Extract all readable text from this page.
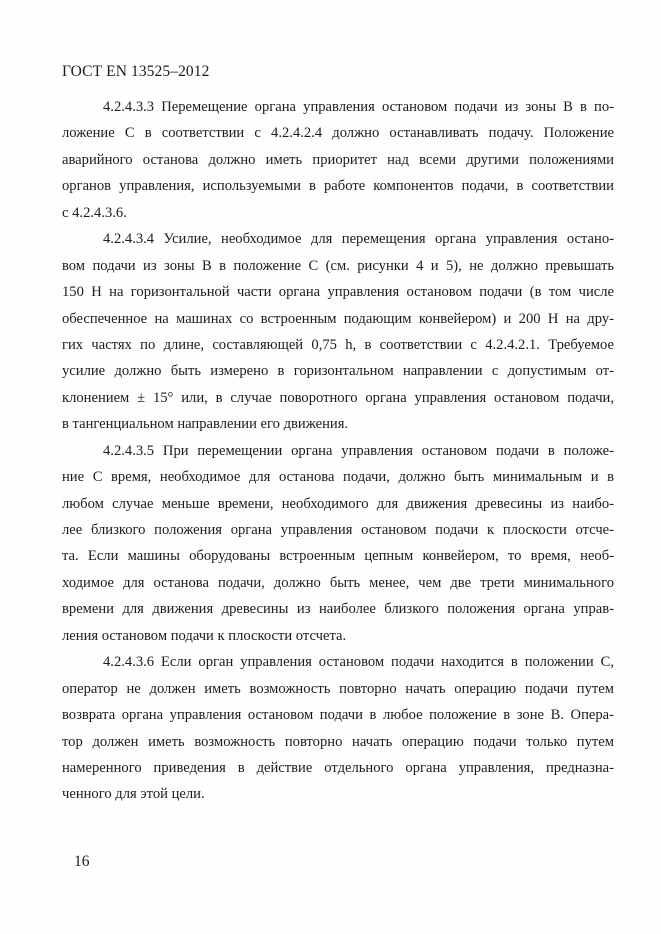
ГОСТ EN 13525–2012
4.2.4.3.3 Перемещение органа управления остановом подачи из зоны B в по-
ложение C в соответствии с 4.2.4.2.4 должно останавливать подачу. Положение
аварийного останова должно иметь приоритет над всеми другими положениями
органов управления, используемыми в работе компонентов подачи, в соответствии
с 4.2.4.3.6.
4.2.4.3.4 Усилие, необходимое для перемещения органа управления остано-
вом подачи из зоны B в положение C (см. рисунки 4 и 5), не должно превышать
150 Н на горизонтальной части органа управления остановом подачи (в том числе
обеспеченное на машинах со встроенным подающим конвейером) и 200 Н на дру-
гих частях по длине, составляющей 0,75 h, в соответствии с 4.2.4.2.1. Требуемое
усилие должно быть измерено в горизонтальном направлении с допустимым от-
клонением ± 15° или, в случае поворотного органа управления остановом подачи,
в тангенциальном направлении его движения.
4.2.4.3.5 При перемещении органа управления остановом подачи в положе-
ние C время, необходимое для останова подачи, должно быть минимальным и в
любом случае меньше времени, необходимого для движения древесины из наибо-
лее близкого положения органа управления остановом подачи к плоскости отсче-
та. Если машины оборудованы встроенным цепным конвейером, то время, необ-
ходимое для останова подачи, должно быть менее, чем две трети минимального
времени для движения древесины из наиболее близкого положения органа управ-
ления остановом подачи к плоскости отсчета.
4.2.4.3.6 Если орган управления остановом подачи находится в положении C,
оператор не должен иметь возможность повторно начать операцию подачи путем
возврата органа управления остановом подачи в любое положение в зоне B. Опера-
тор должен иметь возможность повторно начать операцию подачи только путем
намеренного приведения в действие отдельного органа управления, предназна-
ченного для этой цели.
16
